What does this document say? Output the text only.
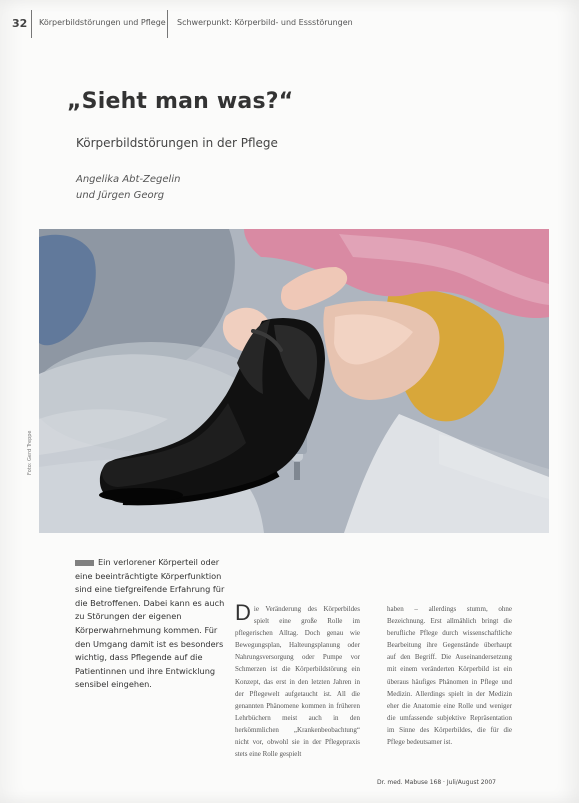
32 Körperbildstörungen und Pflege Schwerpunkt: Körperbild- und Essstörungen
„Sieht man was?“
Körperbildstörungen in der Pflege
Angelika Abt-Zegelin
und Jürgen Georg
Foto: Gerd Treppe
Ein verlorener Körperteil oder eine beeinträchtigte Körperfunktion sind eine tiefgreifende Erfahrung für die Betroffenen. Dabei kann es auch zu Störungen der eigenen Körperwahrnehmung kommen. Für den Umgang damit ist es besonders wichtig, dass Pflegende auf die Patientinnen und ihre Entwicklung sensibel eingehen.
Die Veränderung des Körperbildes spielt eine große Rolle im pflegerischen Alltag. Doch genau wie Bewegungsplan, Halteungsplanung oder Nahrungsversorgung oder Pumpe vor Schmerzen ist die Körperbildstörung ein Konzept, das erst in den letzten Jahren in der Pflegewelt aufgetaucht ist. All die genannten Phänomene kommen in früheren Lehrbüchern meist auch in den herkömmlichen „Krankenbeobachtung“ nicht vor, obwohl sie in der Pflegepraxis stets eine Rolle gespielt
haben – allerdings stumm, ohne Bezeichnung. Erst allmählich bringt die berufliche Pflege durch wissenschaftliche Bearbeitung ihre Gegenstände überhaupt auf den Begriff. Die Auseinandersetzung mit einem veränderten Körperbild ist ein überaus häufiges Phänomen in Pflege und Medizin. Allerdings spielt in der Medizin eher die Anatomie eine Rolle und weniger die umfassende subjektive Repräsentation im Sinne des Körperbildes, die für die Pflege bedeutsamer ist.
Dr. med. Mabuse 168 · Juli/August 2007
